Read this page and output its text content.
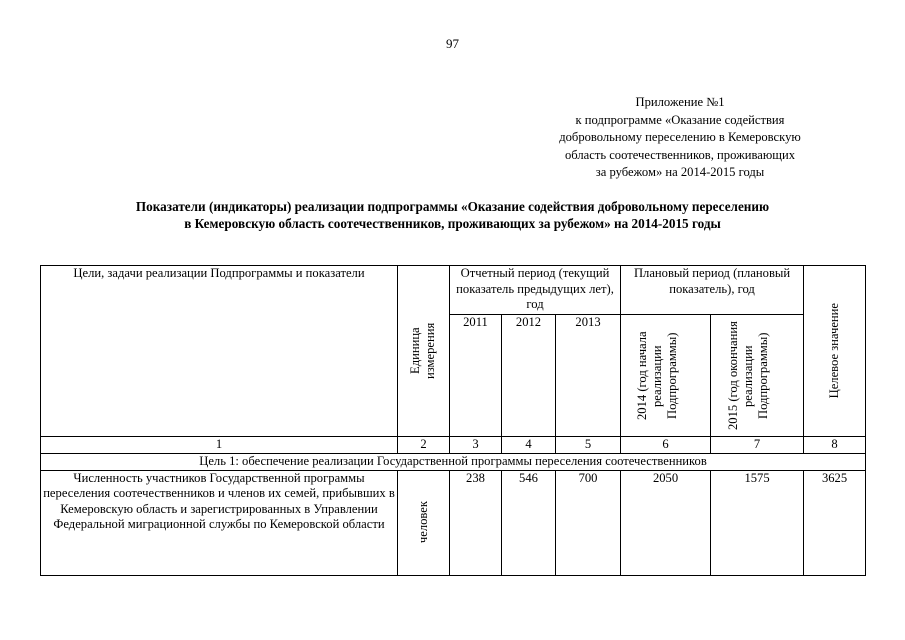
97
Приложение №1
к подпрограмме «Оказание содействия
добровольному переселению в Кемеровскую
область соотечественников, проживающих
за рубежом» на 2014-2015 годы
Показатели (индикаторы) реализации подпрограммы «Оказание содействия добровольному переселению
в Кемеровскую область соотечественников, проживающих за рубежом» на 2014-2015 годы
Цели, задачи реализации Подпрограммы и показатели	Единица измерения	Отчетный период (текущий показатель предыдущих лет), год			Плановый период (плановый показатель), год		Целевое значение

		2011	2012	2013	2014 (год начала реализации Подпрограммы)	2015 (год окончания реализации Подпрограммы)	

1	2	3	4	5	6	7	8
Цель 1: обеспечение реализации Государственной программы переселения соотечественников							
Численность участников Государственной программы переселения соотечественников и членов их семей, прибывших в Кемеровскую область и зарегистрированных в Управлении Федеральной миграционной службы по Кемеровской области	человек	238	546	700	2050	1575	3625
